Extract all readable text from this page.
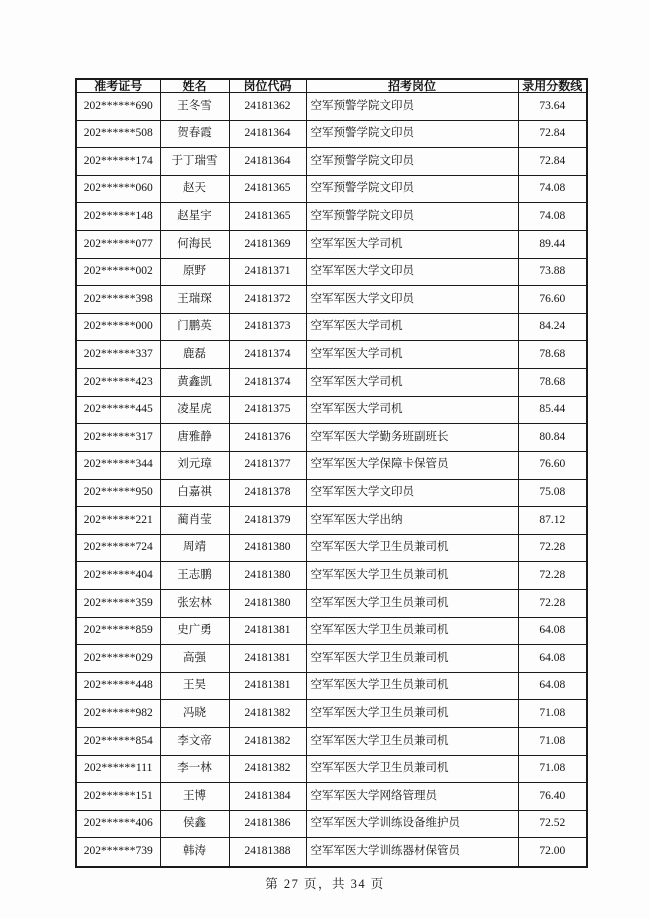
准考证号	姓名	岗位代码	招考岗位	录用分数线
202******690	王冬雪	24181362	空军预警学院文印员	73.64
202******508	贺春霞	24181364	空军预警学院文印员	72.84
202******174	于丁瑞雪	24181364	空军预警学院文印员	72.84
202******060	赵天	24181365	空军预警学院文印员	74.08
202******148	赵星宇	24181365	空军预警学院文印员	74.08
202******077	何海民	24181369	空军军医大学司机	89.44
202******002	原野	24181371	空军军医大学文印员	73.88
202******398	王瑞琛	24181372	空军军医大学文印员	76.60
202******000	门鹏英	24181373	空军军医大学司机	84.24
202******337	鹿磊	24181374	空军军医大学司机	78.68
202******423	黄鑫凯	24181374	空军军医大学司机	78.68
202******445	凌星虎	24181375	空军军医大学司机	85.44
202******317	唐雅静	24181376	空军军医大学勤务班副班长	80.84
202******344	刘元璋	24181377	空军军医大学保障卡保管员	76.60
202******950	白嘉祺	24181378	空军军医大学文印员	75.08
202******221	蔺肖莹	24181379	空军军医大学出纳	87.12
202******724	周靖	24181380	空军军医大学卫生员兼司机	72.28
202******404	王志鹏	24181380	空军军医大学卫生员兼司机	72.28
202******359	张宏林	24181380	空军军医大学卫生员兼司机	72.28
202******859	史广勇	24181381	空军军医大学卫生员兼司机	64.08
202******029	高强	24181381	空军军医大学卫生员兼司机	64.08
202******448	王昊	24181381	空军军医大学卫生员兼司机	64.08
202******982	冯晓	24181382	空军军医大学卫生员兼司机	71.08
202******854	李文帝	24181382	空军军医大学卫生员兼司机	71.08
202******111	李一林	24181382	空军军医大学卫生员兼司机	71.08
202******151	王博	24181384	空军军医大学网络管理员	76.40
202******406	侯鑫	24181386	空军军医大学训练设备维护员	72.52
202******739	韩涛	24181388	空军军医大学训练器材保管员	72.00
第 27 页，共 34 页
